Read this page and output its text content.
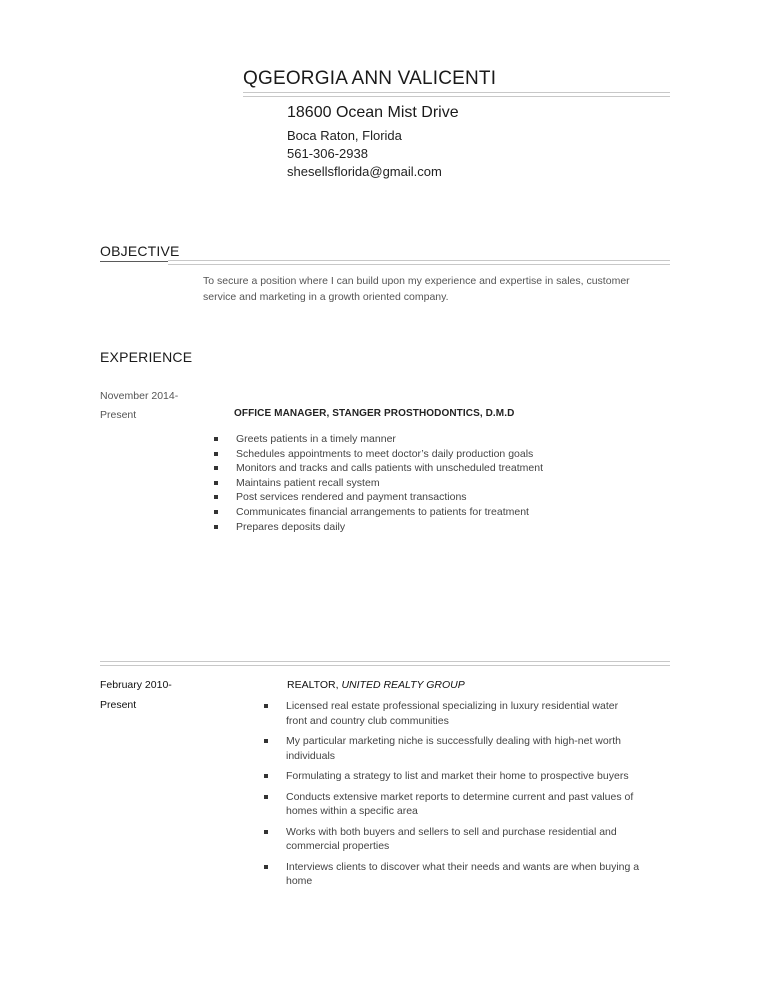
QGEORGIA ANN VALICENTI
18600 Ocean Mist Drive
Boca Raton, Florida
561-306-2938
shesellsflorida@gmail.com
OBJECTIVE
To secure a position where I can build upon my experience and expertise in sales, customer service and marketing in a growth oriented company.
EXPERIENCE
November 2014-
Present	OFFICE MANAGER, STANGER PROSTHODONTICS, D.M.D
Greets patients in a timely manner
Schedules appointments to meet doctor’s daily production goals
Monitors and tracks and calls patients with unscheduled treatment
Maintains patient recall system
Post services rendered and payment transactions
Communicates financial arrangements to patients for treatment
Prepares deposits daily
February 2010-
Present
REALTOR, UNITED REALTY GROUP
Licensed real estate professional specializing in luxury residential water front and country club communities
My particular marketing niche is successfully dealing with high-net worth individuals
Formulating a strategy to list and market their home to prospective buyers
Conducts extensive market reports to determine current and past values of homes within a specific area
Works with both buyers and sellers to sell and purchase residential and commercial properties
Interviews clients to discover what their needs and wants are when buying a home
